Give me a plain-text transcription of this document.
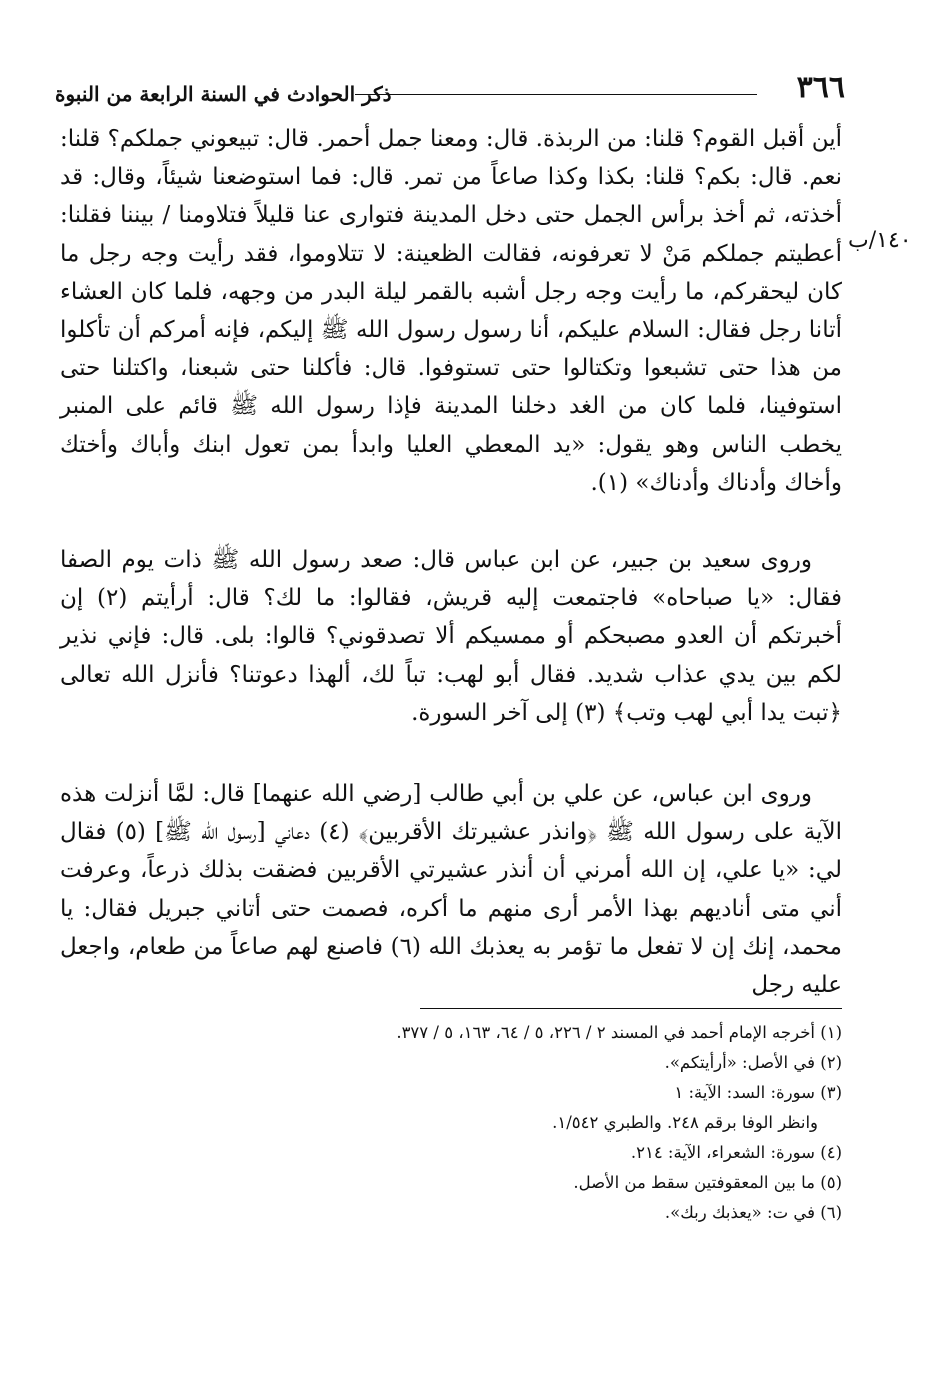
٣٦٦
ذكر الحوادث في السنة الرابعة من النبوة
١٤٠/ب

أين أقبل القوم؟ قلنا: من الربذة. قال: ومعنا جمل أحمر. قال: تبيعوني جملكم؟ قلنا: نعم. قال: بكم؟ قلنا: بكذا وكذا صاعاً من تمر. قال: فما استوضعنا شيئاً، وقال: قد أخذته، ثم أخذ برأس الجمل حتى دخل المدينة فتوارى عنا قليلاً فتلاومنا / بيننا فقلنا: أعطيتم جملكم مَنْ لا تعرفونه، فقالت الظعينة: لا تتلاوموا، فقد رأيت وجه رجل ما كان ليحقركم، ما رأيت وجه رجل أشبه بالقمر ليلة البدر من وجهه، فلما كان العشاء أتانا رجل فقال: السلام عليكم، أنا رسول رسول الله ﷺ إليكم، فإنه أمركم أن تأكلوا من هذا حتى تشبعوا وتكتالوا حتى تستوفوا. قال: فأكلنا حتى شبعنا، واكتلنا حتى استوفينا، فلما كان من الغد دخلنا المدينة فإذا رسول الله ﷺ قائم على المنبر يخطب الناس وهو يقول: «يد المعطي العليا وابدأ بمن تعول ابنك وأباك وأختك وأخاك وأدناك وأدناك» (١).

وروى سعيد بن جبير، عن ابن عباس قال: صعد رسول الله ﷺ ذات يوم الصفا فقال: «يا صباحاه» فاجتمعت إليه قريش، فقالوا: ما لك؟ قال: أرأيتم (٢) إن أخبرتكم أن العدو مصبحكم أو ممسيكم ألا تصدقوني؟ قالوا: بلى. قال: فإني نذير لكم بين يدي عذاب شديد. فقال أبو لهب: تباً لك، ألهذا دعوتنا؟ فأنزل الله تعالى ﴿تبت يدا أبي لهب وتب﴾ (٣) إلى آخر السورة.

وروى ابن عباس، عن علي بن أبي طالب [رضي الله عنهما] قال: لمَّا أنزلت هذه الآية على رسول الله ﷺ ﴿وانذر عشيرتك الأقربين﴾ (٤) دعاني [رسول الله ﷺ] (٥) فقال لي: «يا علي، إن الله أمرني أن أنذر عشيرتي الأقربين فضقت بذلك ذرعاً، وعرفت أني متى أناديهم بهذا الأمر أرى منهم ما أكره، فصمت حتى أتاني جبريل فقال: يا محمد، إنك إن لا تفعل ما تؤمر به يعذبك الله (٦) فاصنع لهم صاعاً من طعام، واجعل عليه رجل

(١) أخرجه الإمام أحمد في المسند ٢ / ٢٢٦، ٥ / ٦٤، ١٦٣، ٥ / ٣٧٧.
(٢) في الأصل: «أرأيتكم».
(٣) سورة: السد: الآية: ١
وانظر الوفا برقم ٢٤٨. والطبري ١/٥٤٢.
(٤) سورة: الشعراء، الآية: ٢١٤.
(٥) ما بين المعقوفتين سقط من الأصل.
(٦) في ت: «يعذبك ربك».
